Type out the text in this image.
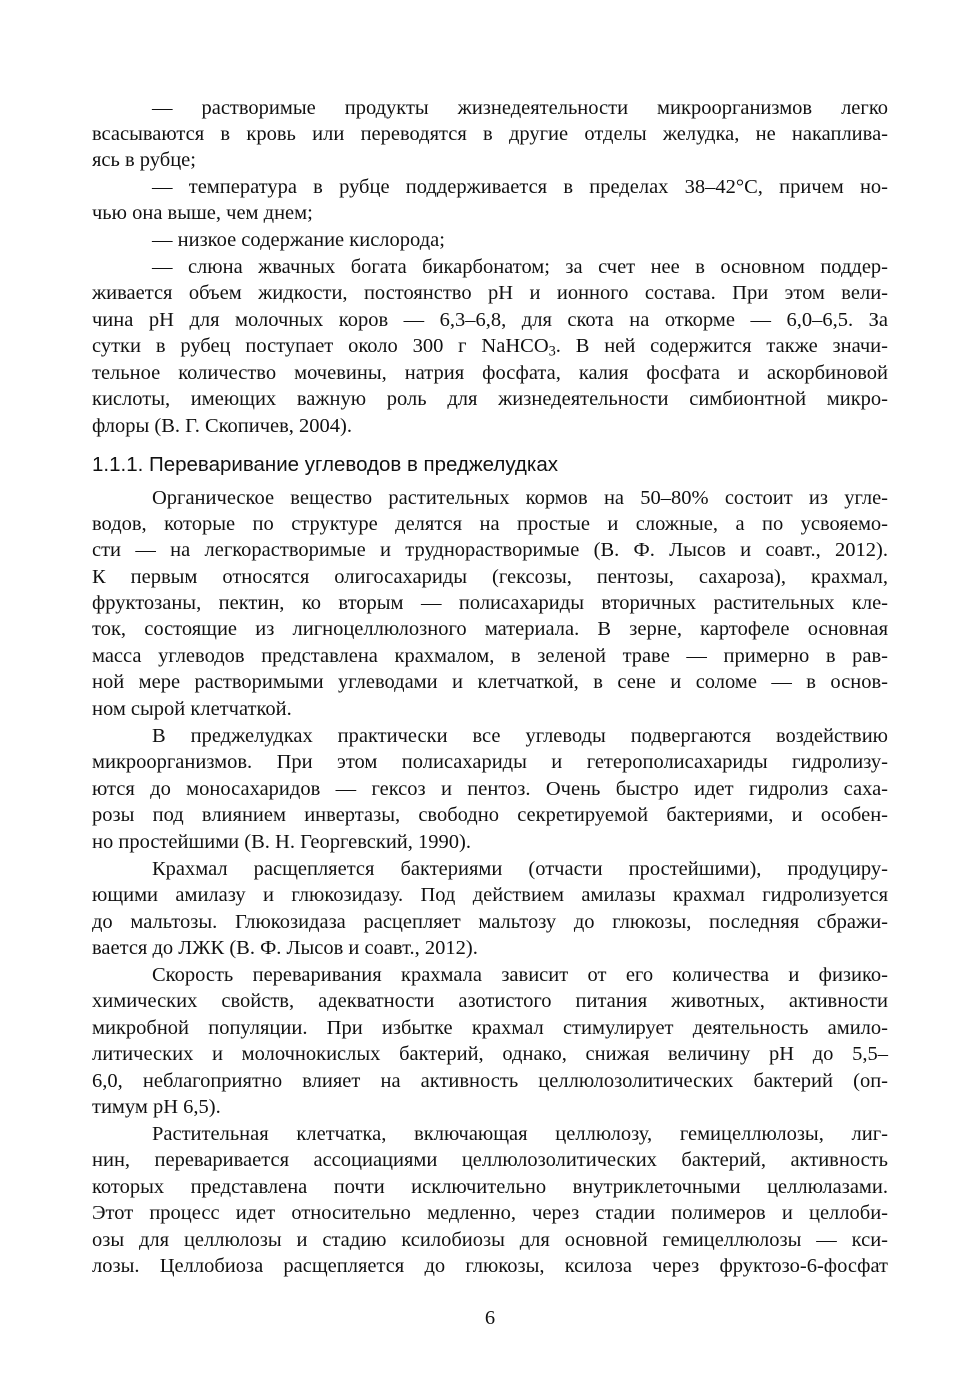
— растворимые продукты жизнедеятельности микроорганизмов легко
всасываются в кровь или переводятся в другие отделы желудка, не накаплива-
ясь в рубце;
— температура в рубце поддерживается в пределах 38–42°С, причем но-
чью она выше, чем днем;
— низкое содержание кислорода;
— слюна жвачных богата бикарбонатом; за счет нее в основном поддер-
живается объем жидкости, постоянство рН и ионного состава. При этом вели-
чина рН для молочных коров — 6,3–6,8, для скота на откорме — 6,0–6,5. За
сутки в рубец поступает около 300 г NaHCO$_3$. В ней содержится также значи-
тельное количество мочевины, натрия фосфата, калия фосфата и аскорбиновой
кислоты, имеющих важную роль для жизнедеятельности симбионтной микро-
флоры (В. Г. Скопичев, 2004).
1.1.1. Переваривание углеводов в преджелудках
Органическое вещество растительных кормов на 50–80% состоит из угле-
водов, которые по структуре делятся на простые и сложные, а по усвояемо-
сти — на легкорастворимые и труднорастворимые (В. Ф. Лысов и соавт., 2012).
К первым относятся олигосахариды (гексозы, пентозы, сахароза), крахмал,
фруктозаны, пектин, ко вторым — полисахариды вторичных растительных кле-
ток, состоящие из лигноцеллюлозного материала. В зерне, картофеле основная
масса углеводов представлена крахмалом, в зеленой траве — примерно в рав-
ной мере растворимыми углеводами и клетчаткой, в сене и соломе — в основ-
ном сырой клетчаткой.
В преджелудках практически все углеводы подвергаются воздействию
микроорганизмов. При этом полисахариды и гетерополисахариды гидролизу-
ются до моносахаридов — гексоз и пентоз. Очень быстро идет гидролиз саха-
розы под влиянием инвертазы, свободно секретируемой бактериями, и особен-
но простейшими (В. Н. Георгевский, 1990).
Крахмал расщепляется бактериями (отчасти простейшими), продуциру-
ющими амилазу и глюкозидазу. Под действием амилазы крахмал гидролизуется
до мальтозы. Глюкозидаза расцепляет мальтозу до глюкозы, последняя сбражи-
вается до ЛЖК (В. Ф. Лысов и соавт., 2012).
Скорость переваривания крахмала зависит от его количества и физико-
химических свойств, адекватности азотистого питания животных, активности
микробной популяции. При избытке крахмал стимулирует деятельность амило-
литических и молочнокислых бактерий, однако, снижая величину рН до 5,5–
6,0, неблагоприятно влияет на активность целлюлозолитических бактерий (оп-
тимум рН 6,5).
Растительная клетчатка, включающая целлюлозу, гемицеллюлозы, лиг-
нин, переваривается ассоциациями целлюлозолитических бактерий, активность
которых представлена почти исключительно внутриклеточными целлюлазами.
Этот процесс идет относительно медленно, через стадии полимеров и целлоби-
озы для целлюлозы и стадию ксилобиозы для основной гемицеллюлозы — кси-
лозы. Целлобиоза расщепляется до глюкозы, ксилоза через фруктозо-6-фосфат
6
